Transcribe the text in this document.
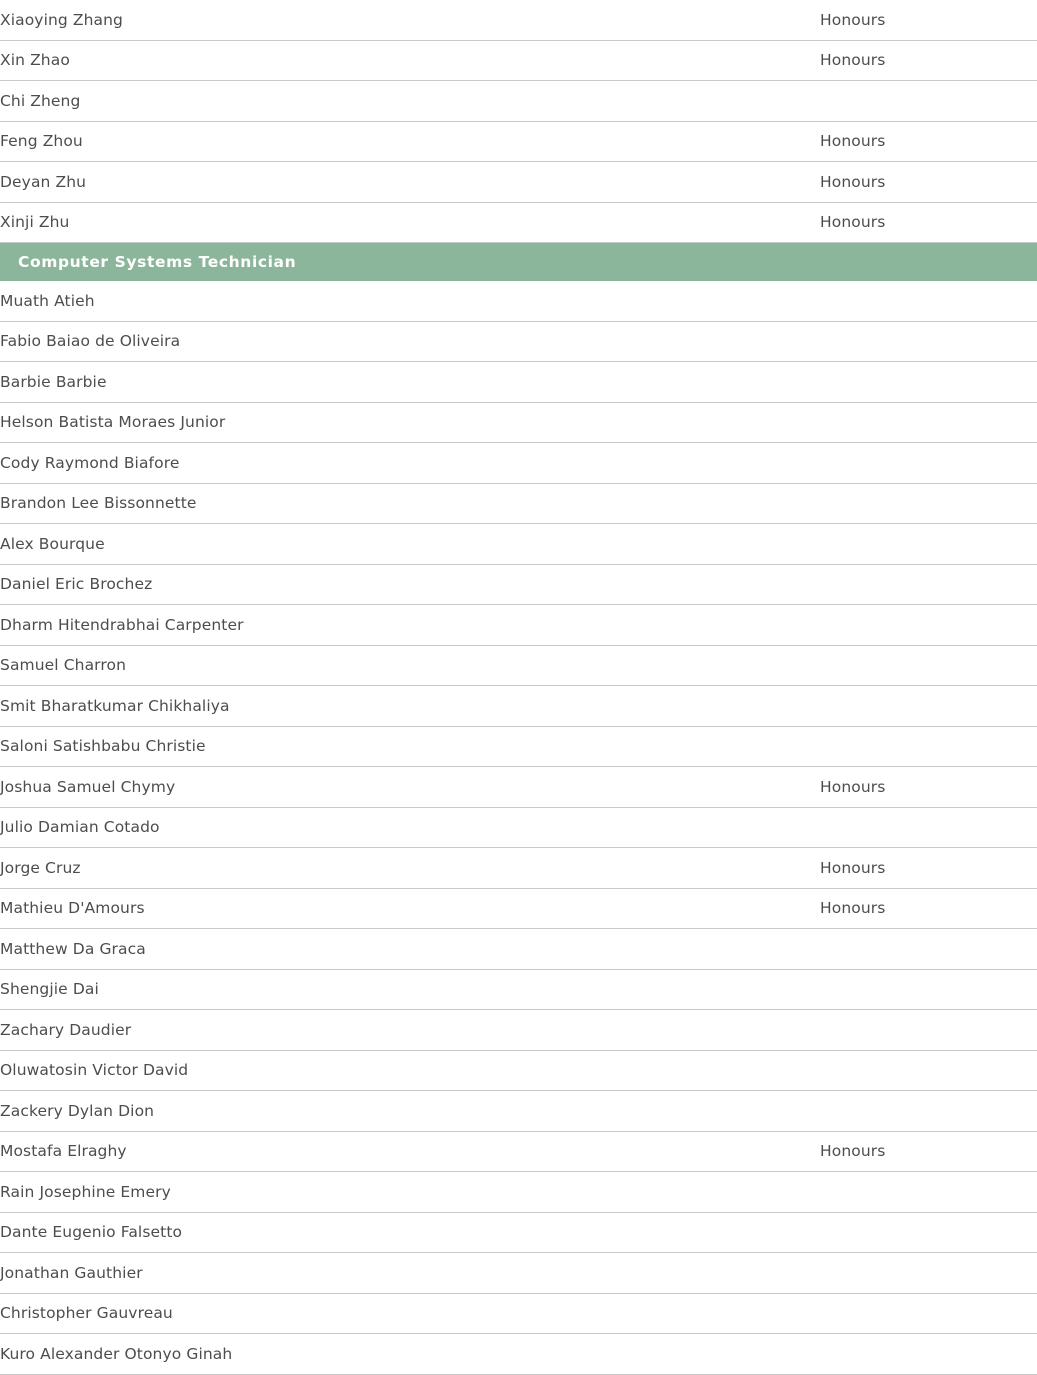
Xiaoying Zhang	Honours
Xin Zhao	Honours
Chi Zheng	
Feng Zhou	Honours
Deyan Zhu	Honours
Xinji Zhu	Honours

Computer Systems Technician	

Muath Atieh	
Fabio Baiao de Oliveira	
Barbie Barbie	
Helson Batista Moraes Junior	
Cody Raymond Biafore	
Brandon Lee Bissonnette	
Alex Bourque	
Daniel Eric Brochez	
Dharm Hitendrabhai Carpenter	
Samuel Charron	
Smit Bharatkumar Chikhaliya	
Saloni Satishbabu Christie	
Joshua Samuel Chymy	Honours
Julio Damian Cotado	
Jorge Cruz	Honours
Mathieu D'Amours	Honours
Matthew Da Graca	
Shengjie Dai	
Zachary Daudier	
Oluwatosin Victor David	
Zackery Dylan Dion	
Mostafa Elraghy	Honours
Rain Josephine Emery	
Dante Eugenio Falsetto	
Jonathan Gauthier	
Christopher Gauvreau	
Kuro Alexander Otonyo Ginah	
